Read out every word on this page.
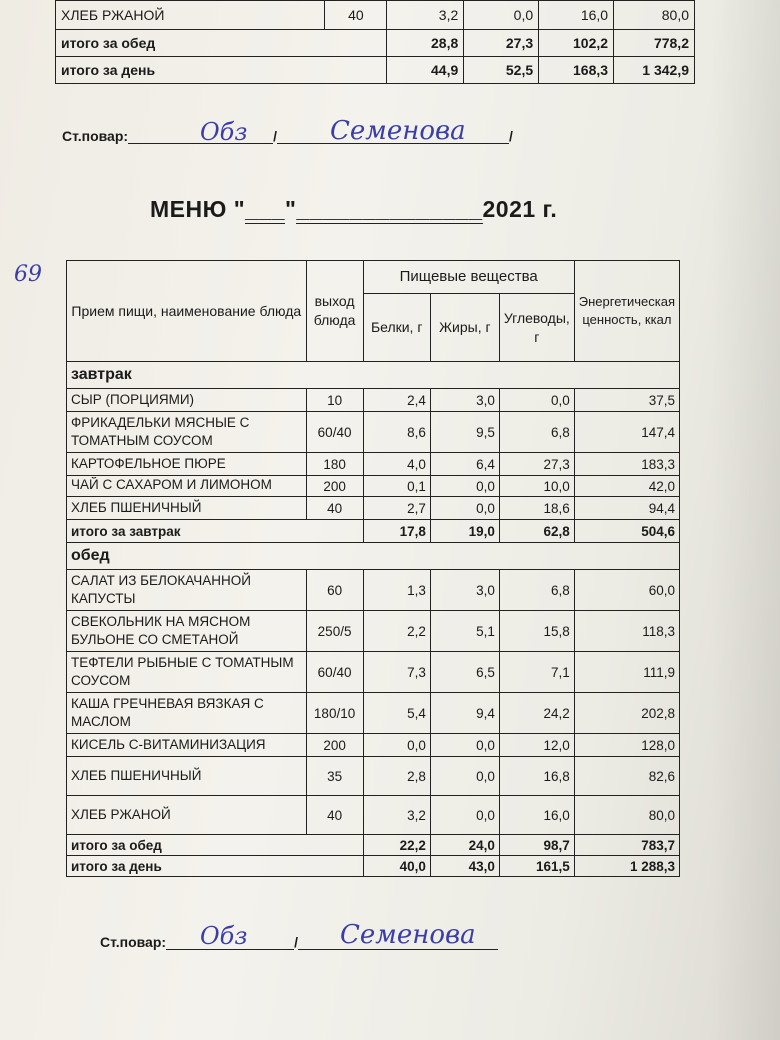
ХЛЕБ РЖАНОЙ	40	3,2	0,0	16,0	80,0
итого за обед		28,8	27,3	102,2	778,2
итого за день		44,9	52,5	168,3	1 342,9
Ст.повар:	/	/
Обз	Семенова
МЕНЮ "___"______________2021 г.
69
Прием пищи, наименование блюда	выход блюда	Пищевые вещества			Энергетическая ценность, ккал
		Белки, г	Жиры, г	Углеводы, г	
завтрак					
СЫР (ПОРЦИЯМИ)	10	2,4	3,0	0,0	37,5
ФРИКАДЕЛЬКИ МЯСНЫЕ С ТОМАТНЫМ СОУСОМ	60/40	8,6	9,5	6,8	147,4
КАРТОФЕЛЬНОЕ ПЮРЕ	180	4,0	6,4	27,3	183,3

ЧАЙ С САХАРОМ И ЛИМОНОМ	200	0,1	0,0	10,0	42,0
ХЛЕБ ПШЕНИЧНЫЙ	40	2,7	0,0	18,6	94,4
итого за завтрак		17,8	19,0	62,8	504,6
обед					
САЛАТ ИЗ БЕЛОКАЧАННОЙ КАПУСТЫ	60	1,3	3,0	6,8	60,0
СВЕКОЛЬНИК НА МЯСНОМ БУЛЬОНЕ СО СМЕТАНОЙ	250/5	2,2	5,1	15,8	118,3
ТЕФТЕЛИ РЫБНЫЕ С ТОМАТНЫМ СОУСОМ	60/40	7,3	6,5	7,1	111,9
КАША ГРЕЧНЕВАЯ ВЯЗКАЯ С МАСЛОМ	180/10	5,4	9,4	24,2	202,8
КИСЕЛЬ С-ВИТАМИНИЗАЦИЯ	200	0,0	0,0	12,0	128,0
ХЛЕБ ПШЕНИЧНЫЙ	35	2,8	0,0	16,8	82,6
ХЛЕБ РЖАНОЙ	40	3,2	0,0	16,0	80,0
итого за обед		22,2	24,0	98,7	783,7
итого за день		40,0	43,0	161,5	1 288,3
Ст.повар:	/
Обз	Семенова
